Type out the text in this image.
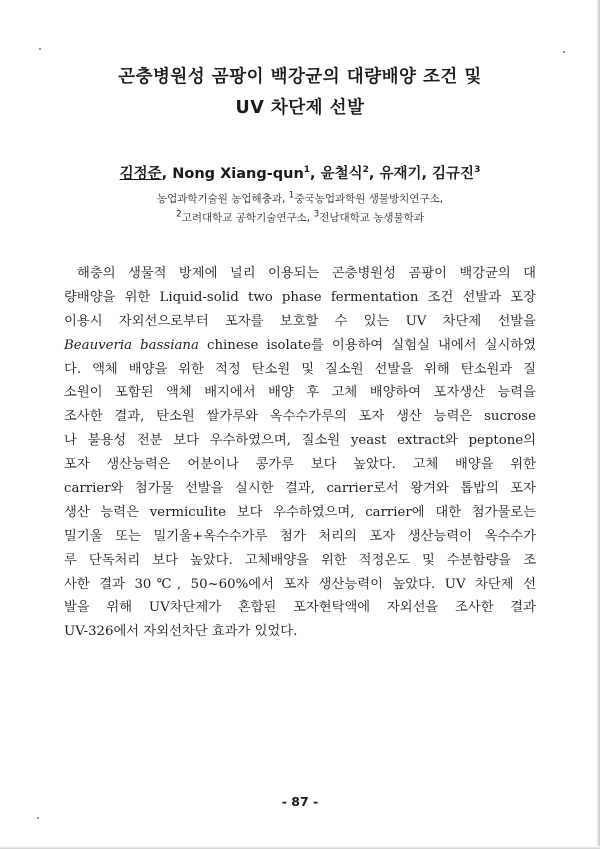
곤충병원성 곰팡이 백강균의 대량배양 조건 및
UV 차단제 선발
김정준, Nong Xiang-qun$^1$, 윤철식$^2$, 유재기, 김규진$^3$
농업과학기술원 농업해충과, $^1$중국농업과학원 생물방치연구소,
$^2$고려대학교 공학기술연구소, $^3$전남대학교 농생물학과
해충의 생물적 방제에 널리 이용되는 곤충병원성 곰팡이 백강균의 대
량배양을 위한 Liquid-solid two phase fermentation 조건 선발과 포장
이용시 자외선으로부터 포자를 보호할 수 있는 UV 차단제 선발을
Beauveria bassiana chinese isolate를 이용하여 실험실 내에서 실시하였
다. 액체 배양을 위한 적정 탄소원 및 질소원 선발을 위해 탄소원과 질
소원이 포함된 액체 배지에서 배양 후 고체 배양하여 포자생산 능력을
조사한 결과, 탄소원 쌀가루와 옥수수가루의 포자 생산 능력은 sucrose
나 불용성 전분 보다 우수하였으며, 질소원 yeast extract와 peptone의
포자 생산능력은 어분이나 콩가루 보다 높았다. 고체 배양을 위한
carrier와 첨가물 선발을 실시한 결과, carrier로서 왕겨와 톱밥의 포자
생산 능력은 vermiculite 보다 우수하였으며, carrier에 대한 첨가물로는
밀기울 또는 밀기울+옥수수가루 첨가 처리의 포자 생산능력이 옥수수가
루 단독처리 보다 높았다. 고체배양을 위한 적정온도 및 수분함량을 조
사한 결과 30℃, 50~60%에서 포자 생산능력이 높았다. UV 차단제 선
발을 위해 UV차단제가 혼합된 포자현탁액에 자외선을 조사한 결과
UV-326에서 자외선차단 효과가 있었다.
- 87 -
